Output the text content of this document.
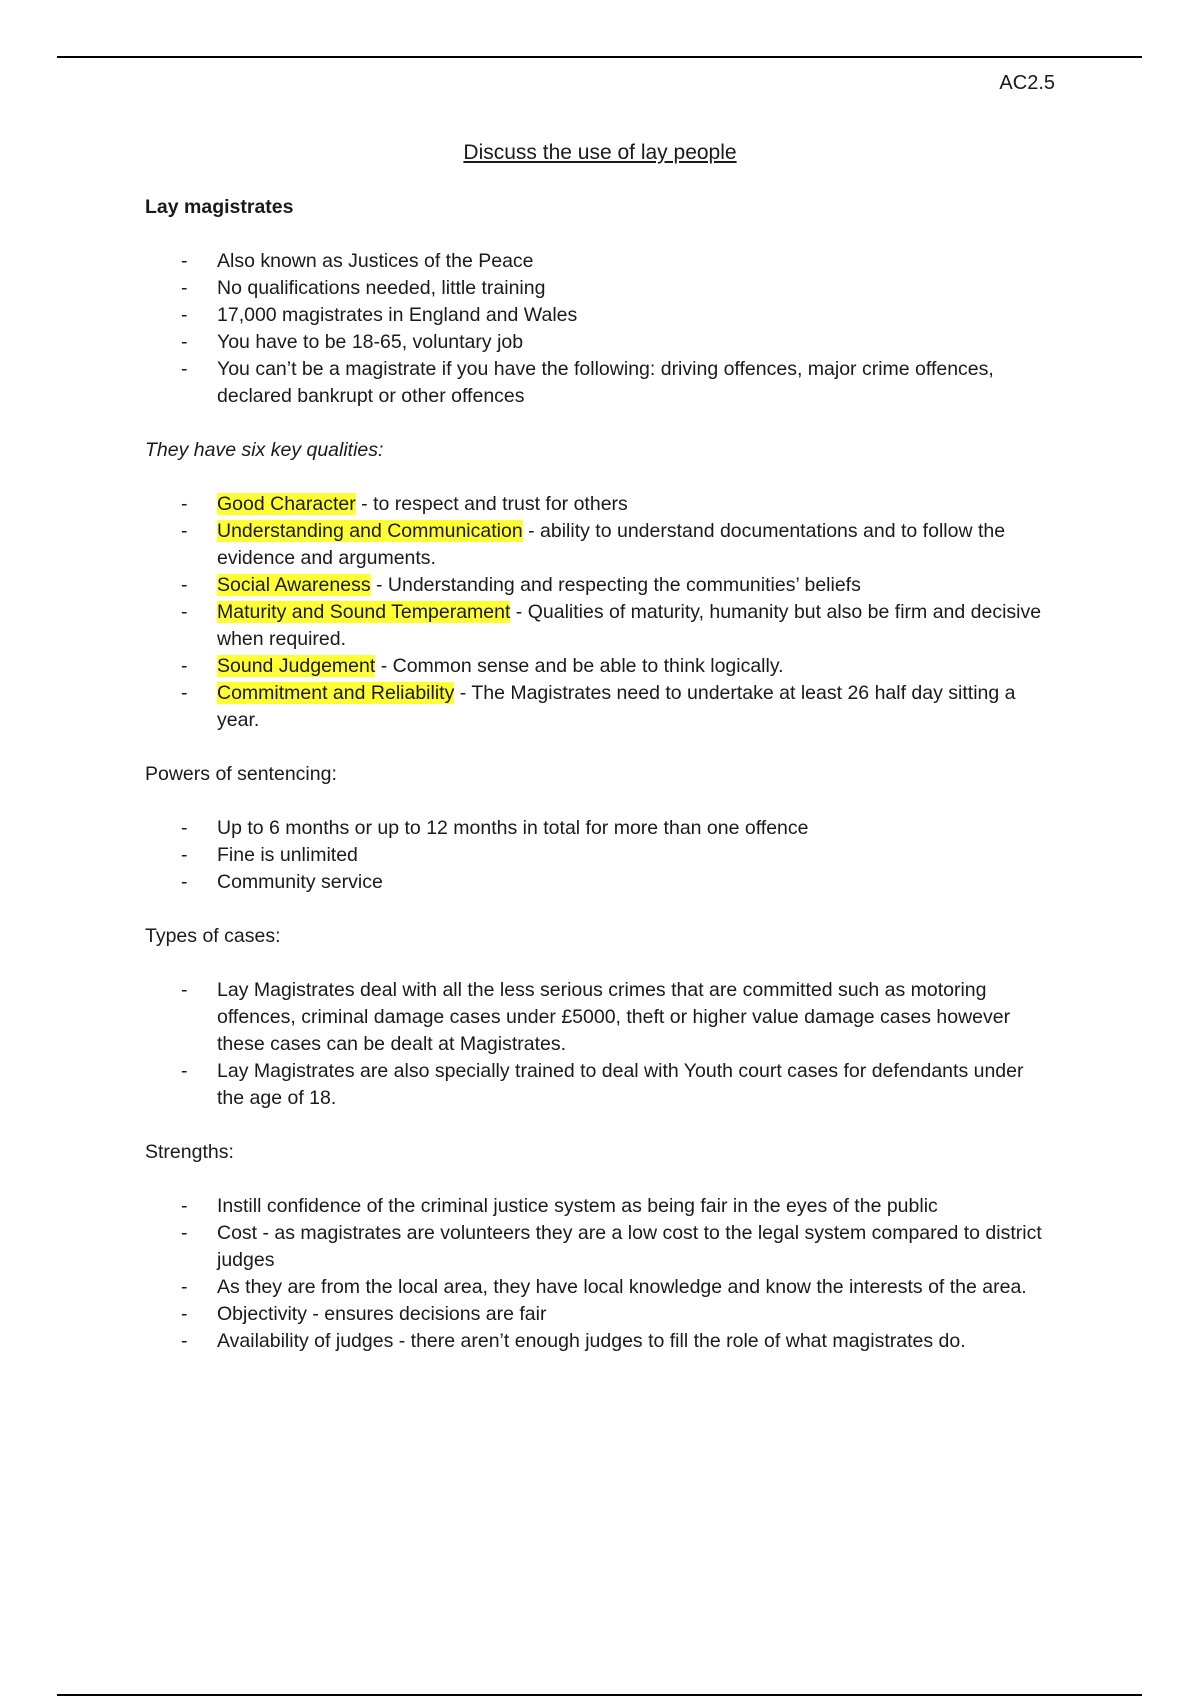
AC2.5
Discuss the use of lay people
Lay magistrates
- Also known as Justices of the Peace
- No qualifications needed, little training
- 17,000 magistrates in England and Wales
- You have to be 18-65, voluntary job
- You can’t be a magistrate if you have the following: driving offences, major crime offences, declared bankrupt or other offences
They have six key qualities:
- Good Character - to respect and trust for others
- Understanding and Communication - ability to understand documentations and to follow the evidence and arguments.
- Social Awareness - Understanding and respecting the communities’ beliefs
- Maturity and Sound Temperament - Qualities of maturity, humanity but also be firm and decisive when required.
- Sound Judgement - Common sense and be able to think logically.
- Commitment and Reliability - The Magistrates need to undertake at least 26 half day sitting a year.
Powers of sentencing:
- Up to 6 months or up to 12 months in total for more than one offence
- Fine is unlimited
- Community service
Types of cases:
- Lay Magistrates deal with all the less serious crimes that are committed such as motoring offences, criminal damage cases under £5000, theft or higher value damage cases however these cases can be dealt at Magistrates.
- Lay Magistrates are also specially trained to deal with Youth court cases for defendants under the age of 18.
Strengths:
- Instill confidence of the criminal justice system as being fair in the eyes of the public
- Cost - as magistrates are volunteers they are a low cost to the legal system compared to district judges
- As they are from the local area, they have local knowledge and know the interests of the area.
- Objectivity - ensures decisions are fair
- Availability of judges - there aren’t enough judges to fill the role of what magistrates do.
